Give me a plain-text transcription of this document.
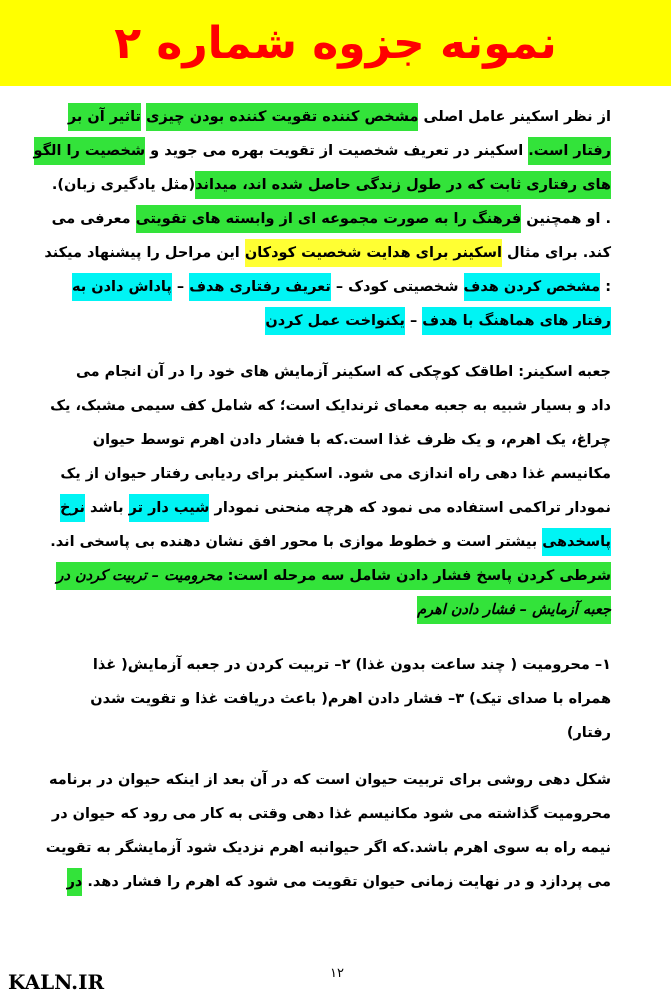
نمونه جزوه شماره ۲
از نظر اسکینر عامل اصلی مشخص کننده تقویت کننده بودن چیزی تاثیر آن بر
رفتار است. اسکینر در تعریف شخصیت از تقویت بهره می جوید و شخصیت را الگو
های رفتاری ثابت که در طول زندگی حاصل شده اند، میداند(مثل یادگیری زبان).
. او همچنین فرهنگ را به صورت مجموعه ای از وابسته های تقویتی معرفی می
کند. برای مثال اسکینر برای هدایت شخصیت کودکان این مراحل را پیشنهاد میکند
: مشخص کردن هدف شخصیتی کودک – تعریف رفتاری هدف – پاداش دادن به
رفتار های هماهنگ با هدف – یکنواخت عمل کردن
جعبه اسکینر: اطاقک کوچکی که اسکینر آزمایش های خود را در آن انجام می
داد و بسیار شبیه به جعبه معمای ثرندایک است؛ که شامل کف سیمی مشبک، یک
چراغ، یک اهرم، و یک ظرف غذا است.که با فشار دادن اهرم توسط حیوان
مکانیسم غذا دهی راه اندازی می شود. اسکینر برای ردیابی رفتار حیوان از یک
نمودار تراکمی استفاده می نمود که هرچه منحنی نمودار شیب دار تر باشد نرخ
پاسخدهی بیشتر است و خطوط موازی با محور افق نشان دهنده بی پاسخی اند.
شرطی کردن پاسخ فشار دادن شامل سه مرحله است: محرومیت – تربیت کردن در
جعبه آزمایش – فشار دادن اهرم
۱– محرومیت ( چند ساعت بدون غذا) ۲– تربیت کردن در جعبه آزمایش( غذا
همراه با صدای تیک) ۳– فشار دادن اهرم( باعث دریافت غذا و تقویت شدن
رفتار)
شکل دهی روشی برای تربیت حیوان است که در آن بعد از اینکه حیوان در برنامه
محرومیت گذاشته می شود مکانیسم غذا دهی وقتی به کار می رود که حیوان در
نیمه راه به سوی اهرم باشد.که اگر حیوانبه اهرم نزدیک شود آزمایشگر به تقویت
می پردازد و در نهایت زمانی حیوان تقویت می شود که اهرم را فشار دهد. در
KALN.IR	۱۲
